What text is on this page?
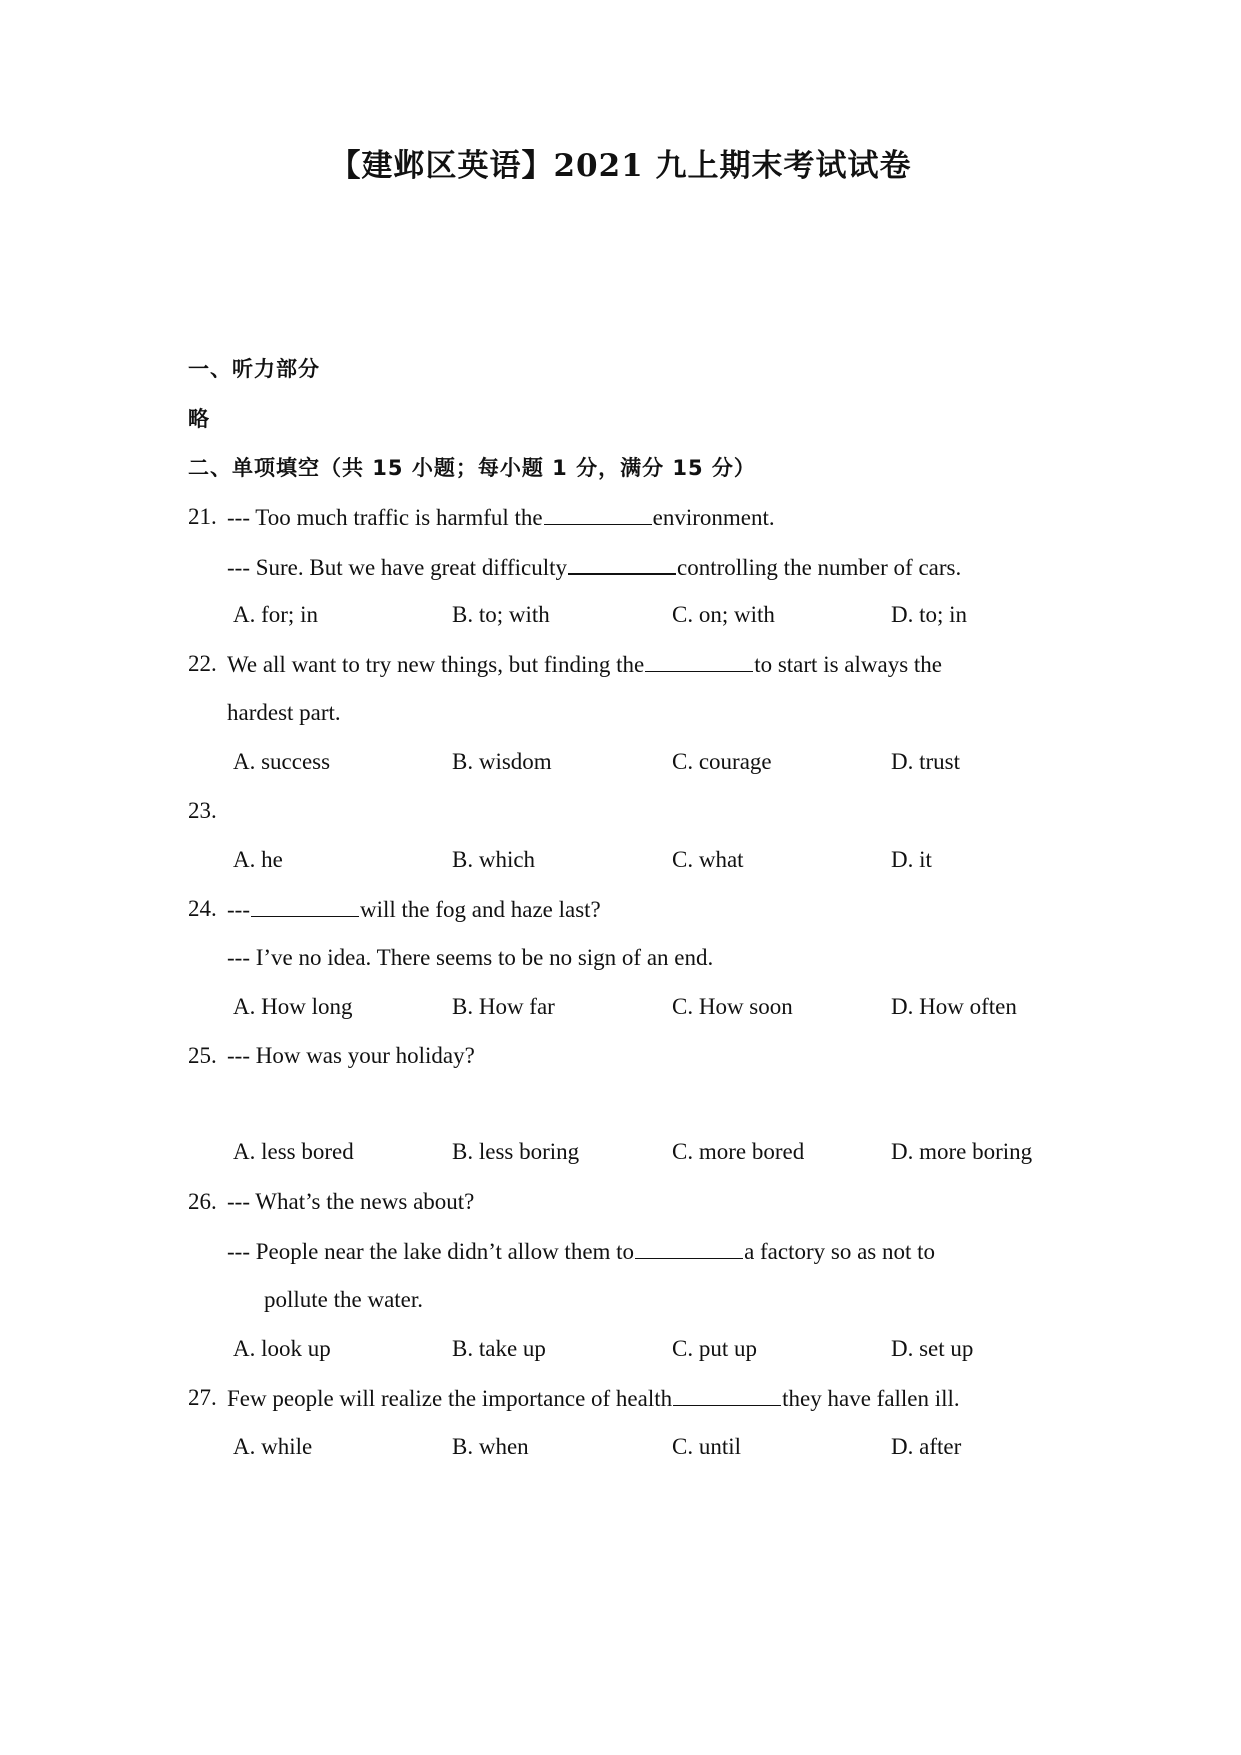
【建邺区英语】2021 九上期末考试试卷
一、听力部分
略
二、单项填空（共 15 小题；每小题 1 分，满分 15 分）
21. --- Too much traffic is harmful the	environment.
--- Sure. But we have great difficulty	controlling the number of cars.
A. for; in	B. to; with	C. on; with	D. to; in
22. We all want to try new things, but finding the	to start is always the
hardest part.
A. success	B. wisdom	C. courage	D. trust
23.
A. he	B. which	C. what	D. it
24. ---	will the fog and haze last?
--- I’ve no idea. There seems to be no sign of an end.
A. How long	B. How far	C. How soon	D. How often
25. --- How was your holiday?
A. less bored	B. less boring	C. more bored	D. more boring
26. --- What’s the news about?
--- People near the lake didn’t allow them to	a factory so as not to
pollute the water.
A. look up	B. take up	C. put up	D. set up
27. Few people will realize the importance of health	they have fallen ill.
A. while	B. when	C. until	D. after
